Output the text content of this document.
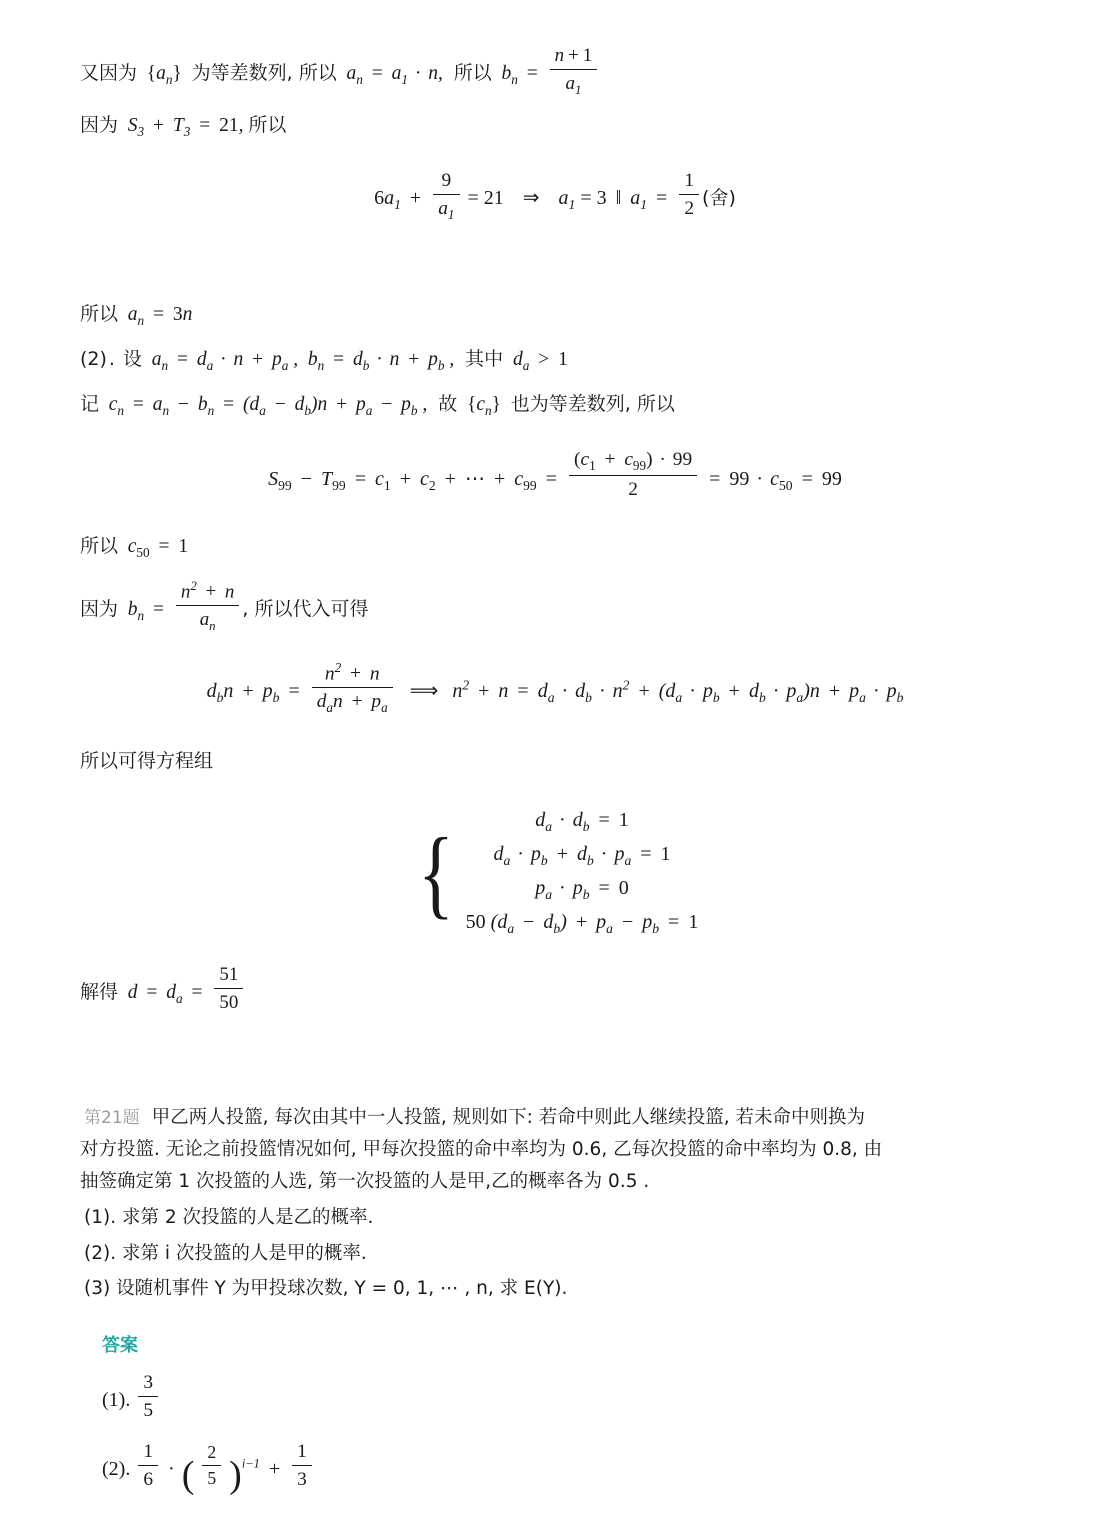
又因为  $\{a_n\}$  为等差数列, 所以  $a_n = a_1 \cdot n$,  所以  $b_n = \frac{n + 1}{a_1}$
因为  $S_3 + T_3 = 21$, 所以
$6a_1 + \frac{9}{a_1} = 21$   ⇒   $a_1 = 3$ ‖ $a_1 = \frac{1}{2}$ (舍)
所以  $a_n = 3n$
(2) . 设  $a_n = d_a \cdot n + p_a$ ,  $b_n = d_b \cdot n + p_b$ ,  其中  $d_a > 1$
记  $c_n = a_n - b_n = (d_a - d_b)n + p_a - p_b$ ,  故  $\{c_n\}$  也为等差数列, 所以
$S_{99} - T_{99} = c_1 + c_2$ + ⋯ + $c_{99} = \frac{(c_1 + c_{99}) \cdot 99}{2} = 99 \cdot c_{50} = 99$
所以  $c_{50} = 1$
因为  $b_n = \frac{n^2 + n}{a_n}$ , 所以代入可得
$d_bn + p_b = \frac{n^2 + n}{d_an + p_a}$ ⟹  $n^2 + n = d_a \cdot d_b \cdot n^2 + (d_a \cdot p_b + d_b \cdot p_a)n + p_a \cdot p_b$
所以可得方程组
{	$d_a \cdot d_b = 1$
$d_a \cdot p_b + d_b \cdot p_a = 1$
$p_a \cdot p_b = 0$
50 $(d_a - d_b) + p_a - p_b = 1$
解得  $d = d_a = \frac{51}{50}$
第21题 甲乙两人投篮, 每次由其中一人投篮, 规则如下: 若命中则此人继续投篮, 若未命中则换为
对方投篮. 无论之前投篮情况如何, 甲每次投篮的命中率均为 0.6, 乙每次投篮的命中率均为 0.8, 由
抽签确定第 1 次投篮的人选, 第一次投篮的人是甲,乙的概率各为 0.5 .
(1). 求第 2 次投篮的人是乙的概率.
(2). 求第 i 次投篮的人是甲的概率.
(3) 设随机事件 Y 为甲投球次数, Y = 0, 1, ⋯ , n, 求 E(Y).
答案
(1). $\frac{3}{5}$
(2). $\frac{1}{6}$ · ( $\frac{2}{5} )^{i-1} + \frac{1}{3}$
